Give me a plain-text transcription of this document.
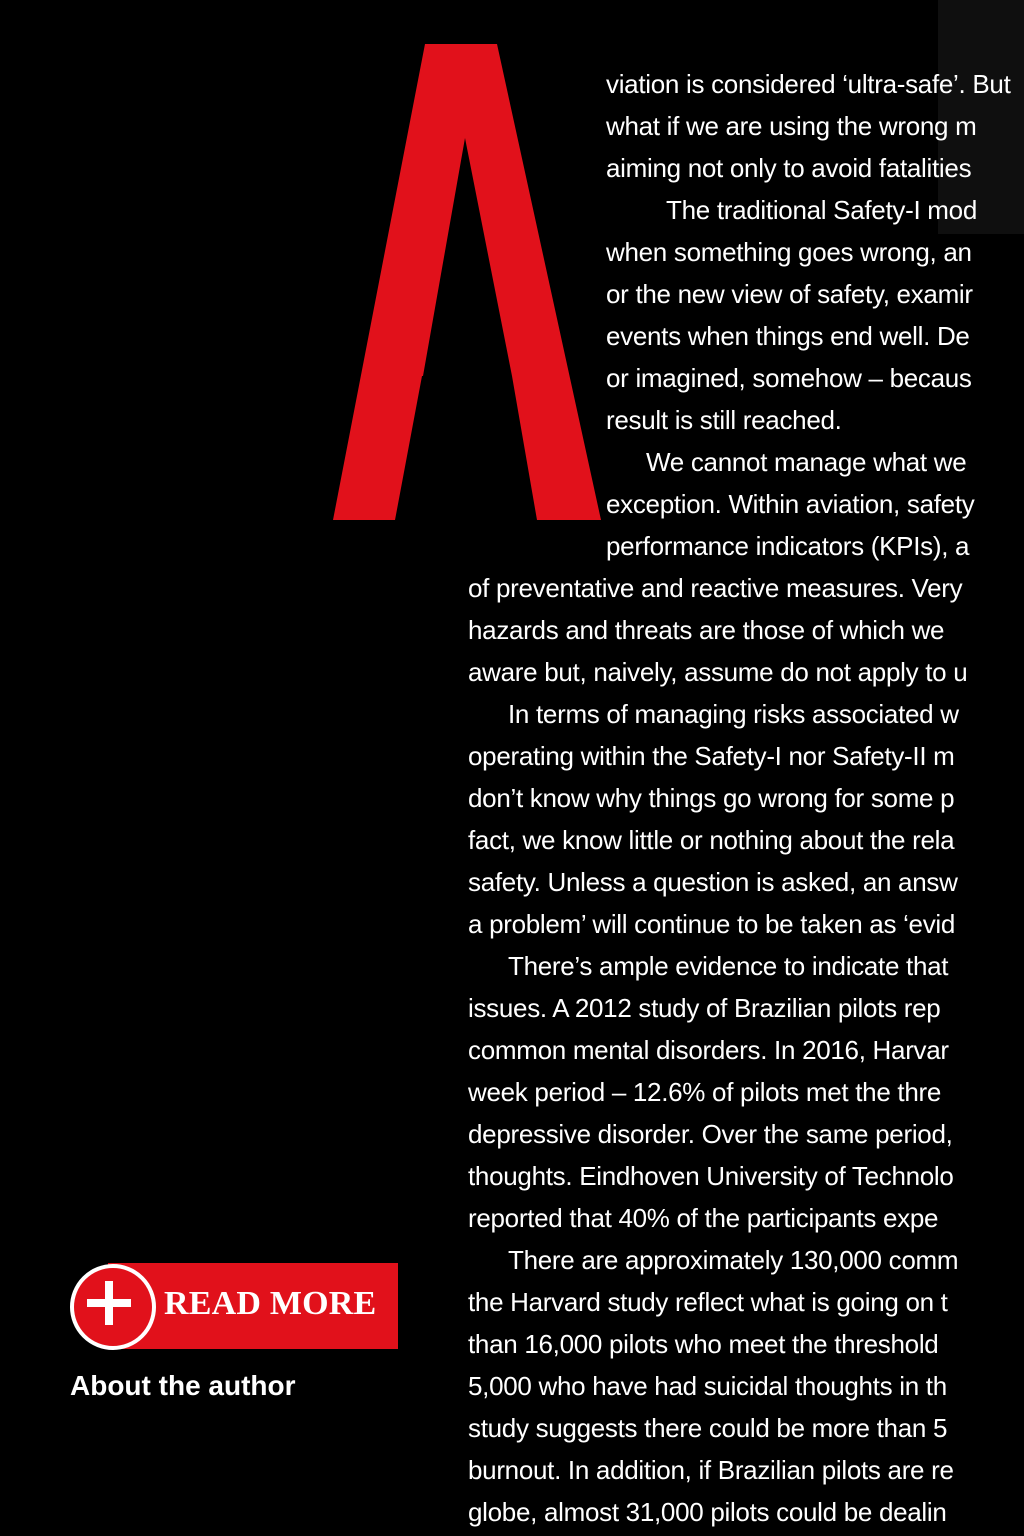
viation is considered ‘ultra-safe’. But
what if we are using the wrong m
aiming not only to avoid fatalities
The traditional Safety-I mod
when something goes wrong, an
or the new view of safety, examir
events when things end well. De
or imagined, somehow – becaus
result is still reached.
We cannot manage what we
exception. Within aviation, safety
performance indicators (KPIs), a
of preventative and reactive measures. Very
hazards and threats are those of which we
aware but, naively, assume do not apply to u
In terms of managing risks associated w
operating within the Safety-I nor Safety-II m
don’t know why things go wrong for some p
fact, we know little or nothing about the rela
safety. Unless a question is asked, an answ
a problem’ will continue to be taken as ‘evid
There’s ample evidence to indicate that
issues. A 2012 study of Brazilian pilots rep
common mental disorders. In 2016, Harvar
week period – 12.6% of pilots met the thre
depressive disorder. Over the same period,
thoughts. Eindhoven University of Technolo
reported that 40% of the participants expe
There are approximately 130,000 comm
the Harvard study reflect what is going on t
than 16,000 pilots who meet the threshold
5,000 who have had suicidal thoughts in th
study suggests there could be more than 5
burnout. In addition, if Brazilian pilots are re
globe, almost 31,000 pilots could be dealin
READ MORE
About the author
